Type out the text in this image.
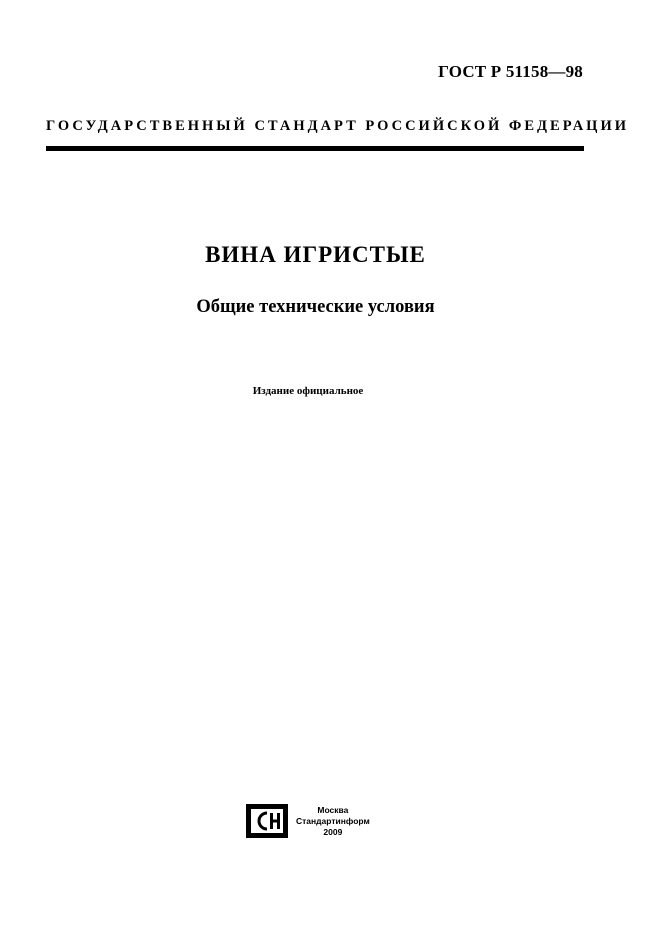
ГОСТ Р 51158—98
ГОСУДАРСТВЕННЫЙ СТАНДАРТ РОССИЙСКОЙ ФЕДЕРАЦИИ
ВИНА ИГРИСТЫЕ
Общие технические условия
Издание официальное
Москва
Стандартинформ
2009
